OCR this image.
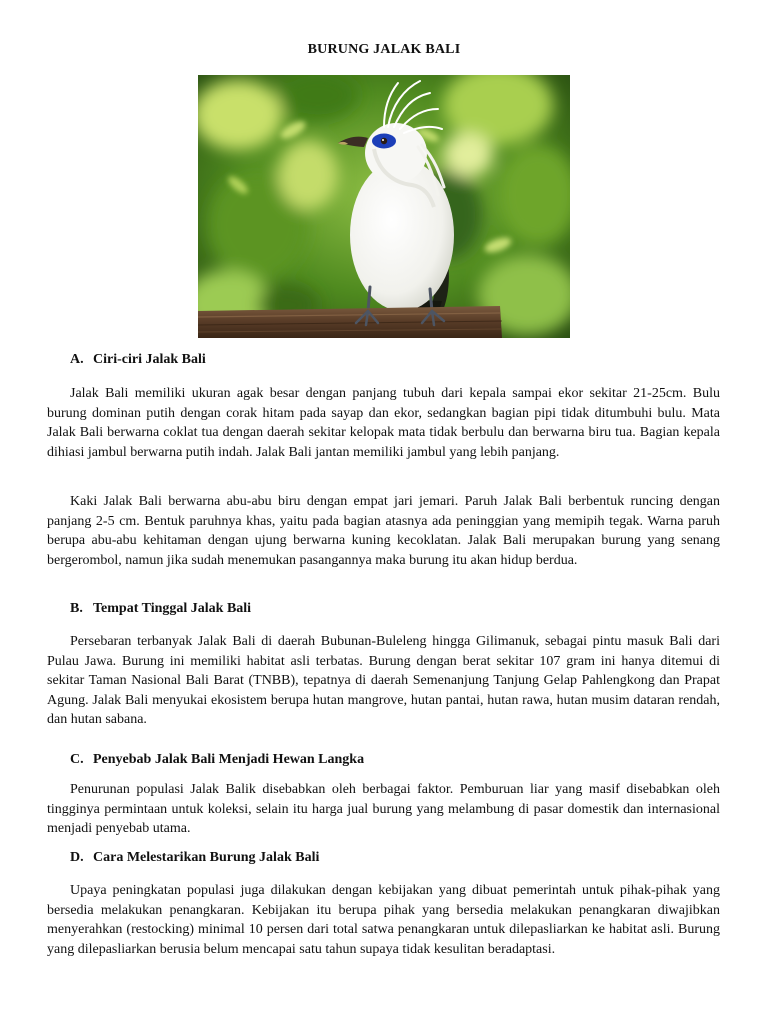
BURUNG JALAK BALI
A. Ciri-ciri Jalak Bali

Jalak Bali memiliki ukuran agak besar dengan panjang tubuh dari kepala sampai ekor sekitar 21-25cm. Bulu burung dominan putih dengan corak hitam pada sayap dan ekor, sedangkan bagian pipi tidak ditumbuhi bulu. Mata Jalak Bali berwarna coklat tua dengan daerah sekitar kelopak mata tidak berbulu dan berwarna biru tua. Bagian kepala dihiasi jambul berwarna putih indah. Jalak Bali jantan memiliki jambul yang lebih panjang.

Kaki Jalak Bali berwarna abu-abu biru dengan empat jari jemari. Paruh Jalak Bali berbentuk runcing dengan panjang 2-5 cm. Bentuk paruhnya khas, yaitu pada bagian atasnya ada peninggian yang memipih tegak. Warna paruh berupa abu-abu kehitaman dengan ujung berwarna kuning kecoklatan. Jalak Bali merupakan burung yang senang bergerombol, namun jika sudah menemukan pasangannya maka burung itu akan hidup berdua.

B. Tempat Tinggal Jalak Bali

Persebaran terbanyak Jalak Bali di daerah Bubunan-Buleleng hingga Gilimanuk, sebagai pintu masuk Bali dari Pulau Jawa. Burung ini memiliki habitat asli terbatas. Burung dengan berat sekitar 107 gram ini hanya ditemui di sekitar Taman Nasional Bali Barat (TNBB), tepatnya di daerah Semenanjung Tanjung Gelap Pahlengkong dan Prapat Agung. Jalak Bali menyukai ekosistem berupa hutan mangrove, hutan pantai, hutan rawa, hutan musim dataran rendah, dan hutan sabana.

C. Penyebab Jalak Bali Menjadi Hewan Langka

Penurunan populasi Jalak Balik disebabkan oleh berbagai faktor. Pemburuan liar yang masif disebabkan oleh tingginya permintaan untuk koleksi, selain itu harga jual burung yang melambung di pasar domestik dan internasional menjadi penyebab utama.

D. Cara Melestarikan Burung Jalak Bali

Upaya peningkatan populasi juga dilakukan dengan kebijakan yang dibuat pemerintah untuk pihak-pihak yang bersedia melakukan penangkaran. Kebijakan itu berupa pihak yang bersedia melakukan penangkaran diwajibkan menyerahkan (restocking) minimal 10 persen dari total satwa penangkaran untuk dilepasliarkan ke habitat asli. Burung yang dilepasliarkan berusia belum mencapai satu tahun supaya tidak kesulitan beradaptasi.
